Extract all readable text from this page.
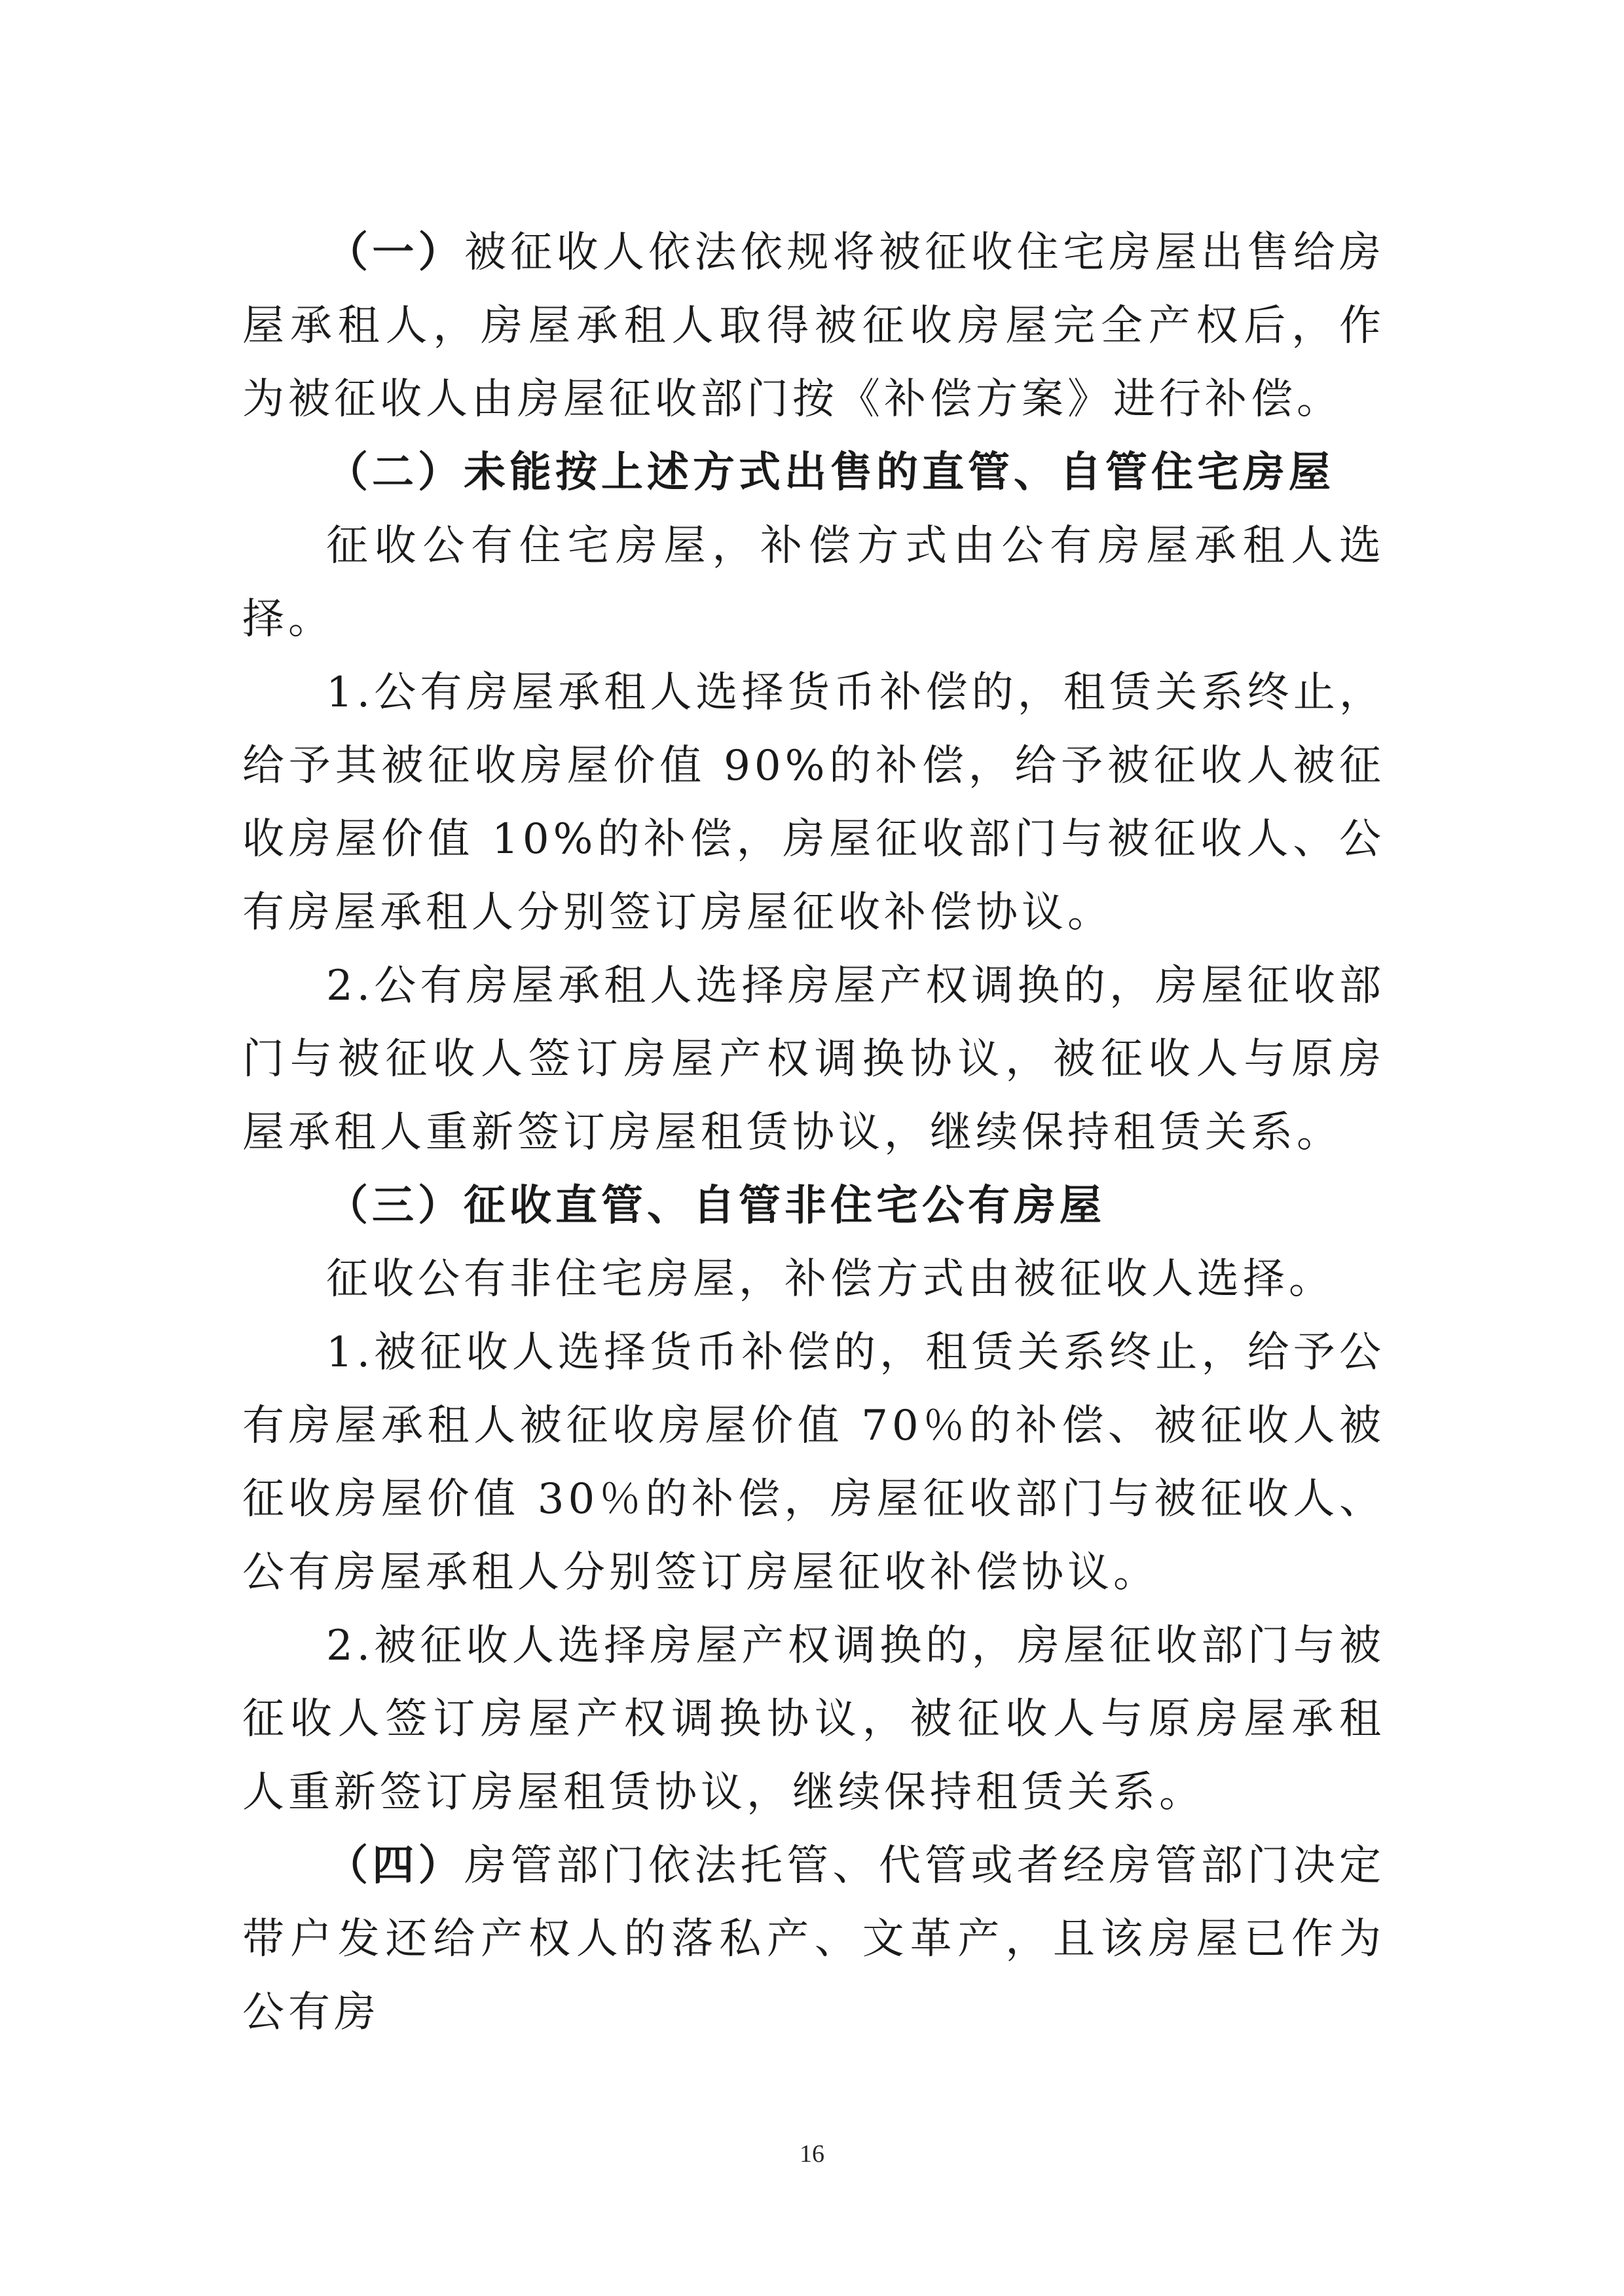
（一）被征收人依法依规将被征收住宅房屋出售给房屋承租人，房屋承租人取得被征收房屋完全产权后，作为被征收人由房屋征收部门按《补偿方案》进行补偿。

（二）未能按上述方式出售的直管、自管住宅房屋

征收公有住宅房屋，补偿方式由公有房屋承租人选择。

1.公有房屋承租人选择货币补偿的，租赁关系终止，给予其被征收房屋价值 90%的补偿，给予被征收人被征收房屋价值 10%的补偿，房屋征收部门与被征收人、公有房屋承租人分别签订房屋征收补偿协议。

2.公有房屋承租人选择房屋产权调换的，房屋征收部门与被征收人签订房屋产权调换协议，被征收人与原房屋承租人重新签订房屋租赁协议，继续保持租赁关系。

（三）征收直管、自管非住宅公有房屋

征收公有非住宅房屋，补偿方式由被征收人选择。

1.被征收人选择货币补偿的，租赁关系终止，给予公有房屋承租人被征收房屋价值 70％的补偿、被征收人被征收房屋价值 30％的补偿，房屋征收部门与被征收人、公有房屋承租人分别签订房屋征收补偿协议。

2.被征收人选择房屋产权调换的，房屋征收部门与被征收人签订房屋产权调换协议，被征收人与原房屋承租人重新签订房屋租赁协议，继续保持租赁关系。

（四）房管部门依法托管、代管或者经房管部门决定带户发还给产权人的落私产、文革产，且该房屋已作为公有房

16
